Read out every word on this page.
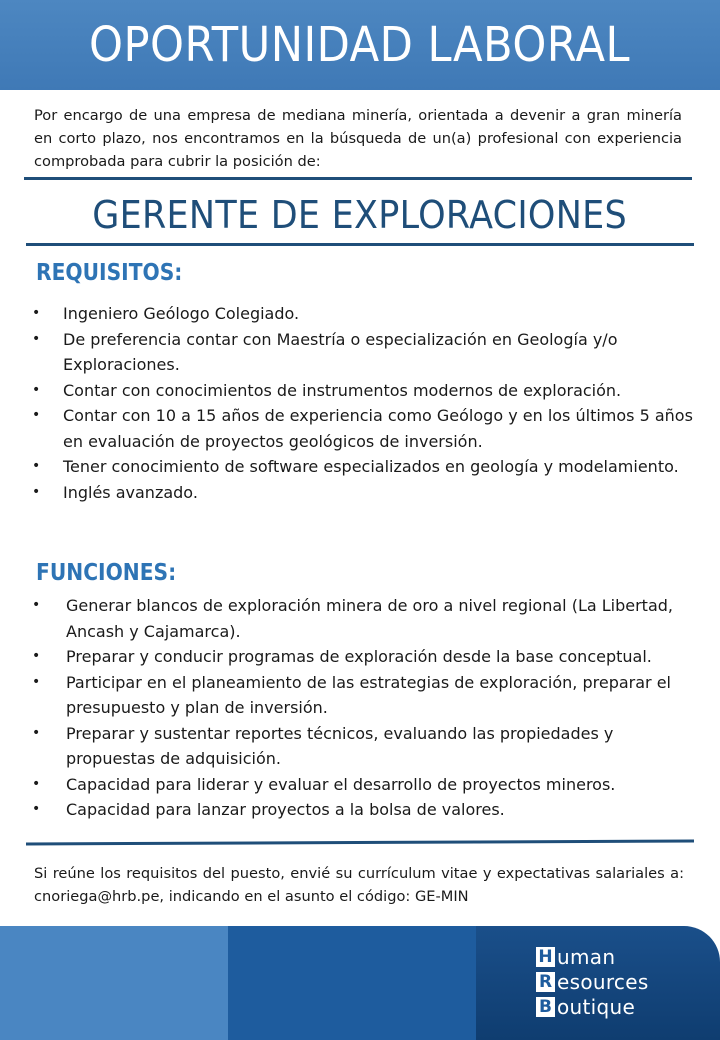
OPORTUNIDAD LABORAL
Por encargo de una empresa de mediana minería, orientada a devenir a gran minería en corto plazo, nos encontramos en la búsqueda de un(a) profesional con experiencia comprobada para cubrir la posición de:
GERENTE DE EXPLORACIONES
REQUISITOS:
• Ingeniero Geólogo Colegiado.
• De preferencia contar con Maestría o especialización en Geología y/o Exploraciones.
• Contar con conocimientos de instrumentos modernos de exploración.
• Contar con 10 a 15 años de experiencia como Geólogo y en los últimos 5 años en evaluación de proyectos geológicos de inversión.
• Tener conocimiento de software especializados en geología y modelamiento.
• Inglés avanzado.
FUNCIONES:
• Generar blancos de exploración minera de oro a nivel regional (La Libertad, Ancash y Cajamarca).
• Preparar y conducir programas de exploración desde la base conceptual.
• Participar en el planeamiento de las estrategias de exploración, preparar el presupuesto y plan de inversión.
• Preparar y sustentar reportes técnicos, evaluando las propiedades y propuestas de adquisición.
• Capacidad para liderar y evaluar el desarrollo de proyectos mineros.
• Capacidad para lanzar proyectos a la bolsa de valores.
Si reúne los requisitos del puesto, envié su currículum vitae y expectativas salariales a: cnoriega@hrb.pe, indicando en el asunto el código: GE-MIN
H uman
R esources
B outique
